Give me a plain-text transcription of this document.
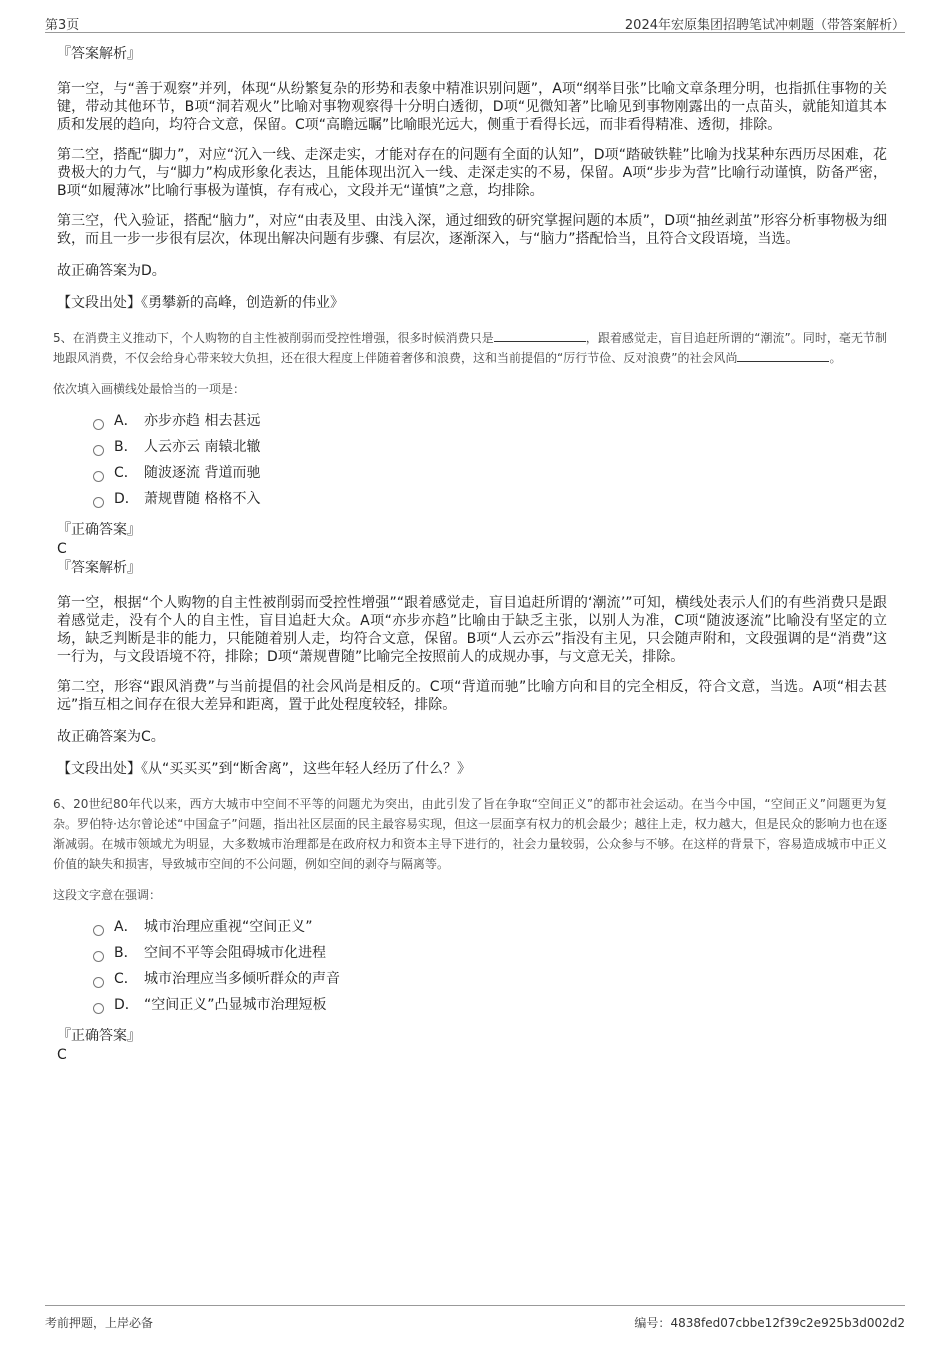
第3页	2024年宏原集团招聘笔试冲刺题（带答案解析）

『答案解析』

第一空，与“善于观察”并列，体现“从纷繁复杂的形势和表象中精准识别问题”，A项“纲举目张”比喻文章条理分明，也指抓住事物的关键，带动其他环节，B项“洞若观火”比喻对事物观察得十分明白透彻，D项“见微知著”比喻见到事物刚露出的一点苗头，就能知道其本质和发展的趋向，均符合文意，保留。C项“高瞻远瞩”比喻眼光远大，侧重于看得长远，而非看得精准、透彻，排除。

第二空，搭配“脚力”，对应“沉入一线、走深走实，才能对存在的问题有全面的认知”，D项“踏破铁鞋”比喻为找某种东西历尽困难，花费极大的力气，与“脚力”构成形象化表达，且能体现出沉入一线、走深走实的不易，保留。A项“步步为营”比喻行动谨慎，防备严密，B项“如履薄冰”比喻行事极为谨慎，存有戒心，文段并无“谨慎”之意，均排除。

第三空，代入验证，搭配“脑力”，对应“由表及里、由浅入深，通过细致的研究掌握问题的本质”，D项“抽丝剥茧”形容分析事物极为细致，而且一步一步很有层次，体现出解决问题有步骤、有层次，逐渐深入，与“脑力”搭配恰当，且符合文段语境，当选。

故正确答案为D。
【文段出处】《勇攀新的高峰，创造新的伟业》

5、在消费主义推动下，个人购物的自主性被削弱而受控性增强，很多时候消费只是	，跟着感觉走，盲目追赶所谓的“潮流”。同时，毫无节制地跟风消费，不仅会给身心带来较大负担，还在很大程度上伴随着奢侈和浪费，这和当前提倡的“厉行节俭、反对浪费”的社会风尚	。

依次填入画横线处最恰当的一项是：
A． 亦步亦趋 相去甚远
B． 人云亦云 南辕北辙
C． 随波逐流 背道而驰
D． 萧规曹随 格格不入
『正确答案』
C

『答案解析』

第一空，根据“个人购物的自主性被削弱而受控性增强”“跟着感觉走，盲目追赶所谓的‘潮流’”可知，横线处表示人们的有些消费只是跟着感觉走，没有个人的自主性，盲目追赶大众。A项“亦步亦趋”比喻由于缺乏主张，以别人为准，C项“随波逐流”比喻没有坚定的立场，缺乏判断是非的能力，只能随着别人走，均符合文意，保留。B项“人云亦云”指没有主见，只会随声附和，文段强调的是“消费”这一行为，与文段语境不符，排除；D项“萧规曹随”比喻完全按照前人的成规办事，与文意无关，排除。

第二空，形容“跟风消费”与当前提倡的社会风尚是相反的。C项“背道而驰”比喻方向和目的完全相反，符合文意，当选。A项“相去甚远”指互相之间存在很大差异和距离，置于此处程度较轻，排除。

故正确答案为C。
【文段出处】《从“买买买”到“断舍离”，这些年轻人经历了什么？》

6、20世纪80年代以来，西方大城市中空间不平等的问题尤为突出，由此引发了旨在争取“空间正义”的都市社会运动。在当今中国，“空间正义”问题更为复杂。罗伯特·达尔曾论述“中国盒子”问题，指出社区层面的民主最容易实现，但这一层面享有权力的机会最少；越往上走，权力越大，但是民众的影响力也在逐渐减弱。在城市领域尤为明显，大多数城市治理都是在政府权力和资本主导下进行的，社会力量较弱，公众参与不够。在这样的背景下，容易造成城市中正义价值的缺失和损害，导致城市空间的不公问题，例如空间的剥夺与隔离等。

这段文字意在强调：
A． 城市治理应重视“空间正义”
B． 空间不平等会阻碍城市化进程
C． 城市治理应当多倾听群众的声音
D． “空间正义”凸显城市治理短板
『正确答案』
C
考前押题，上岸必备	编号：4838fed07cbbe12f39c2e925b3d002d2
